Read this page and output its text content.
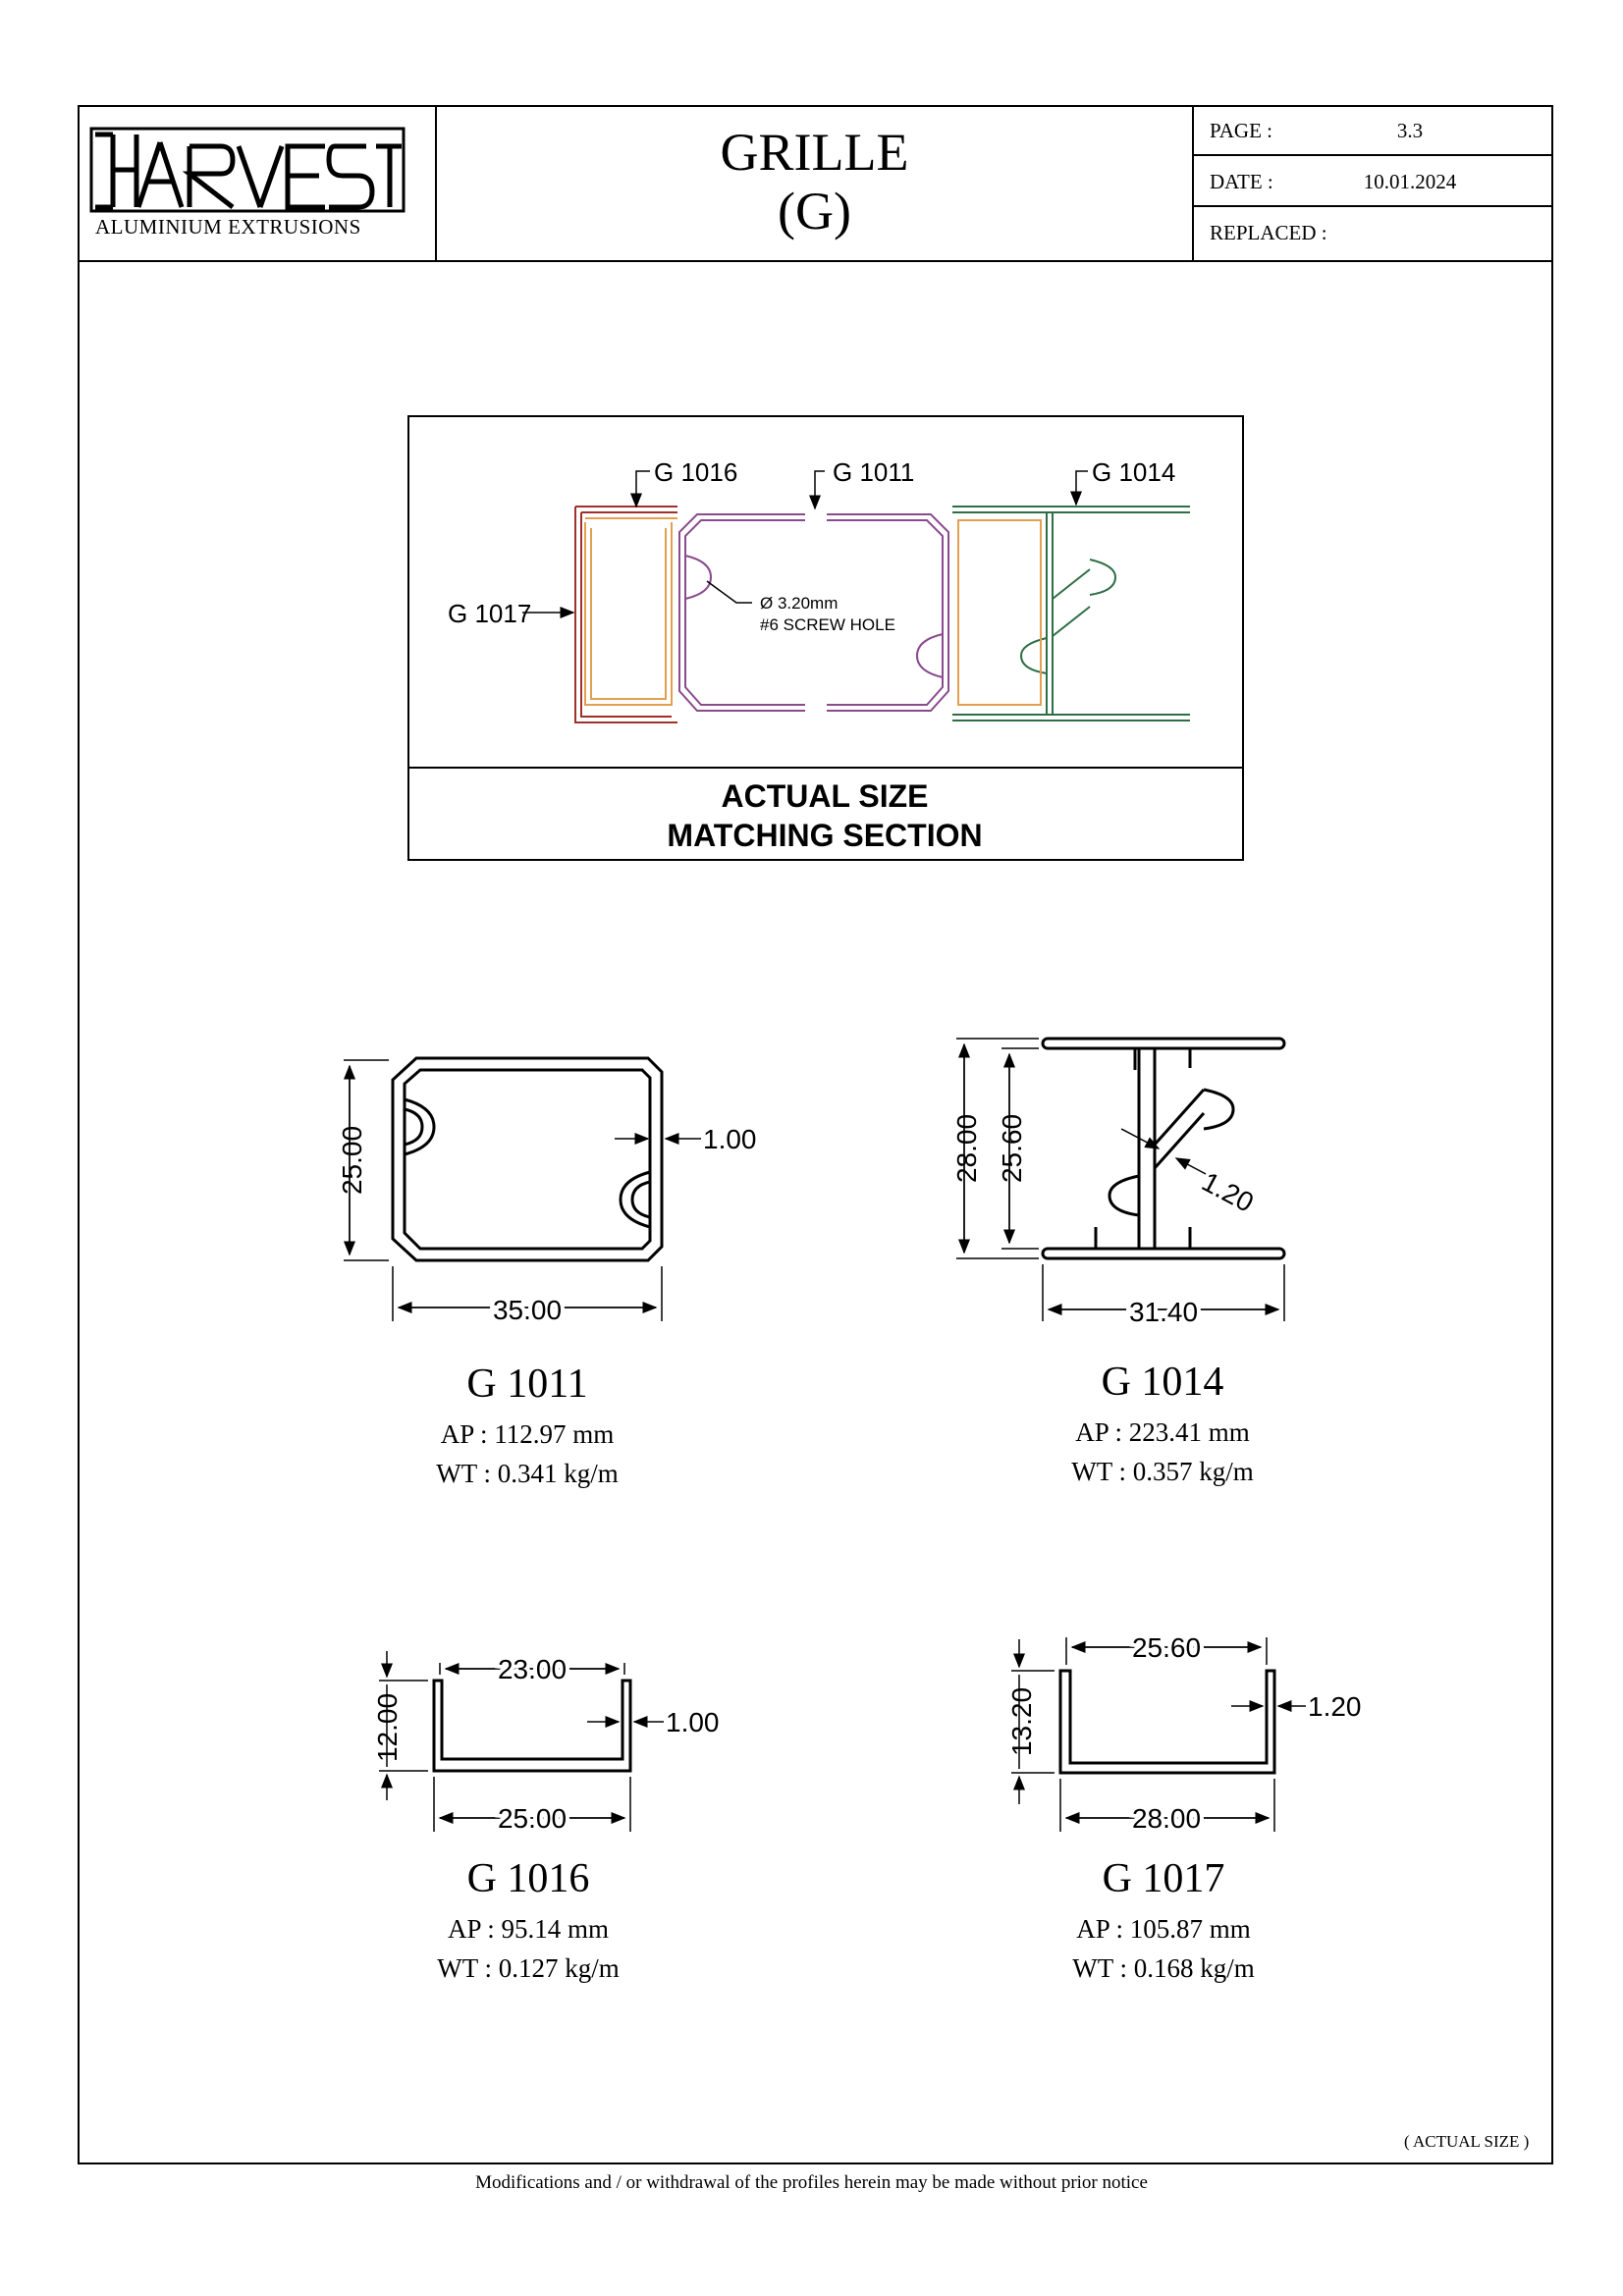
ALUMINIUM EXTRUSIONS
GRILLE
(G)
PAGE :	3.3
DATE :	10.01.2024
REPLACED :
G 1016	G 1011	G 1014
G 1017	Ø 3.20mm
#6 SCREW HOLE
ACTUAL SIZE
MATCHING SECTION
25.00
35.00
1.00	28.00 25.60
31.40
1.20
23.00
12.00
25.00
1.00
25.60
13.20
28.00
1.20
G 1011
AP : 112.97 mm
WT : 0.341 kg/m
G 1014
AP : 223.41 mm
WT : 0.357 kg/m
G 1016
AP : 95.14 mm
WT : 0.127 kg/m
G 1017
AP : 105.87 mm
WT : 0.168 kg/m
( ACTUAL SIZE )
Modifications and / or withdrawal of the profiles herein may be made without prior notice
